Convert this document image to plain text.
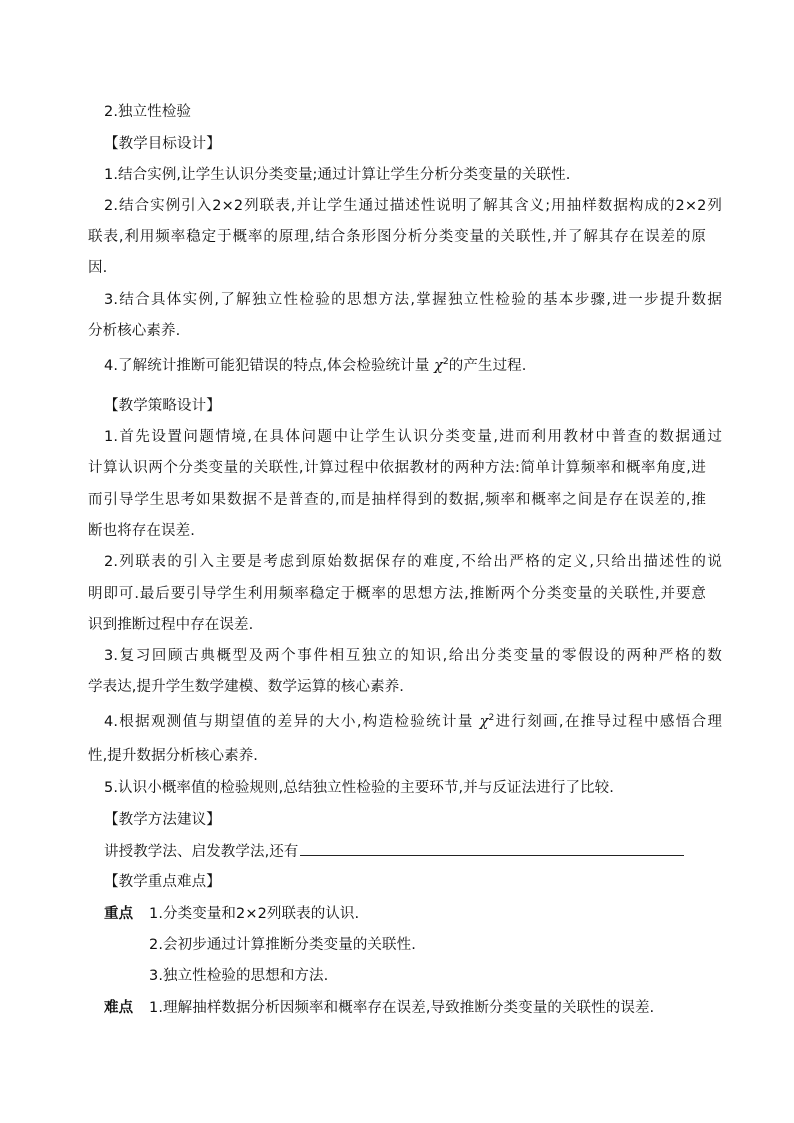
2.独立性检验
【教学目标设计】
1.结合实例,让学生认识分类变量;通过计算让学生分析分类变量的关联性.
2.结合实例引入2×2列联表,并让学生通过描述性说明了解其含义;用抽样数据构成的2×2列
联表,利用频率稳定于概率的原理,结合条形图分析分类变量的关联性,并了解其存在误差的原
因.
3.结合具体实例,了解独立性检验的思想方法,掌握独立性检验的基本步骤,进一步提升数据
分析核心素养.
4.了解统计推断可能犯错误的特点,体会检验统计量 $\chi^2$的产生过程.
【教学策略设计】
1.首先设置问题情境,在具体问题中让学生认识分类变量,进而利用教材中普查的数据通过
计算认识两个分类变量的关联性,计算过程中依据教材的两种方法:简单计算频率和概率角度,进
而引导学生思考如果数据不是普查的,而是抽样得到的数据,频率和概率之间是存在误差的,推
断也将存在误差.
2.列联表的引入主要是考虑到原始数据保存的难度,不给出严格的定义,只给出描述性的说
明即可.最后要引导学生利用频率稳定于概率的思想方法,推断两个分类变量的关联性,并要意
识到推断过程中存在误差.
3.复习回顾古典概型及两个事件相互独立的知识,给出分类变量的零假设的两种严格的数
学表达,提升学生数学建模、数学运算的核心素养.
4.根据观测值与期望值的差异的大小,构造检验统计量 $\chi^2$进行刻画,在推导过程中感悟合理
性,提升数据分析核心素养.
5.认识小概率值的检验规则,总结独立性检验的主要环节,并与反证法进行了比较.
【教学方法建议】
讲授教学法、启发教学法,还有
【教学重点难点】
重点 1.分类变量和2×2列联表的认识.
2.会初步通过计算推断分类变量的关联性.
3.独立性检验的思想和方法.
难点 1.理解抽样数据分析因频率和概率存在误差,导致推断分类变量的关联性的误差.
